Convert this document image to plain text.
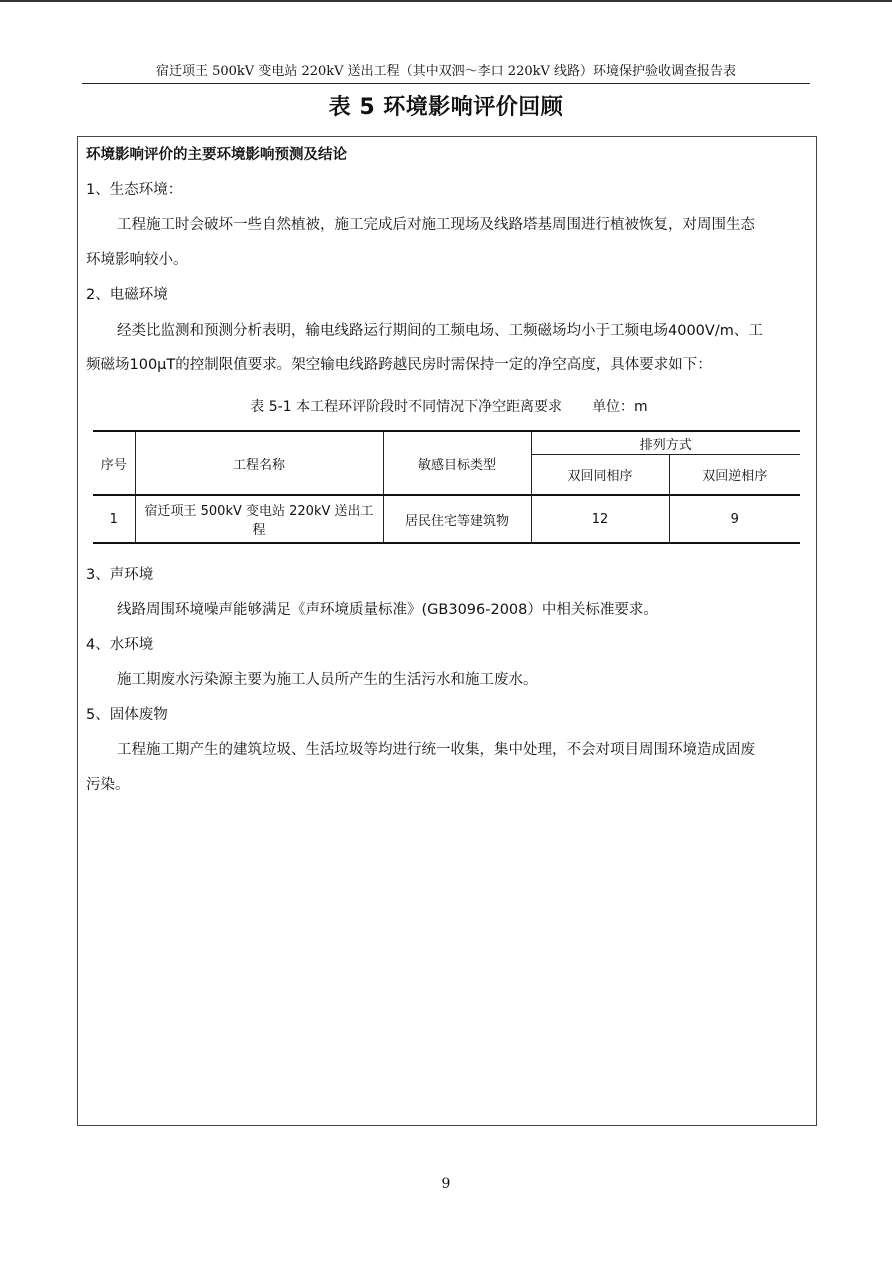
宿迁项王 500kV 变电站 220kV 送出工程（其中双泗～李口 220kV 线路）环境保护验收调查报告表
表 5 环境影响评价回顾
环境影响评价的主要环境影响预测及结论
1、生态环境：
工程施工时会破坏一些自然植被，施工完成后对施工现场及线路塔基周围进行植被恢复，对周围生态
环境影响较小。
2、电磁环境
经类比监测和预测分析表明，输电线路运行期间的工频电场、工频磁场均小于工频电场4000V/m、工
频磁场100μT的控制限值要求。架空输电线路跨越民房时需保持一定的净空高度，具体要求如下：
表 5-1 本工程环评阶段时不同情况下净空距离要求 单位：m
序号	工程名称	敏感目标类型	排列方式	
			双回同相序	双回逆相序
1	宿迁项王 500kV 变电站 220kV 送出工程	居民住宅等建筑物	12	9
3、声环境
线路周围环境噪声能够满足《声环境质量标准》(GB3096-2008）中相关标准要求。
4、水环境
施工期废水污染源主要为施工人员所产生的生活污水和施工废水。
5、固体废物
工程施工期产生的建筑垃圾、生活垃圾等均进行统一收集，集中处理，不会对项目周围环境造成固废
污染。
9
